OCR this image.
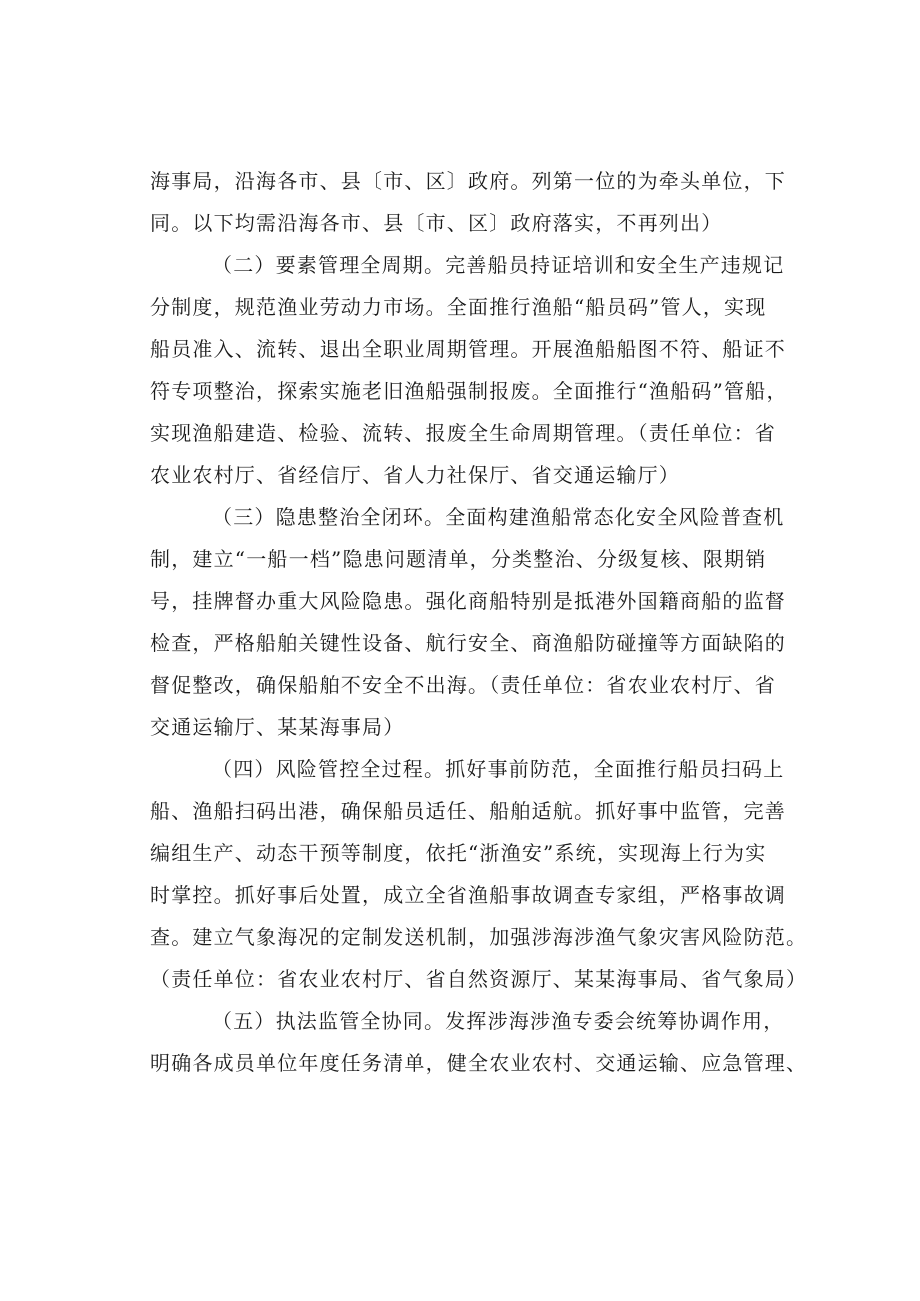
海事局，沿海各市、县〔市、区〕政府。列第一位的为牵头单位，下
同。以下均需沿海各市、县〔市、区〕政府落实，不再列出）
（二）要素管理全周期。完善船员持证培训和安全生产违规记
分制度，规范渔业劳动力市场。全面推行渔船“船员码”管人，实现
船员准入、流转、退出全职业周期管理。开展渔船船图不符、船证不
符专项整治，探索实施老旧渔船强制报废。全面推行“渔船码”管船，
实现渔船建造、检验、流转、报废全生命周期管理。（责任单位：省
农业农村厅、省经信厅、省人力社保厅、省交通运输厅）
（三）隐患整治全闭环。全面构建渔船常态化安全风险普查机
制，建立“一船一档”隐患问题清单，分类整治、分级复核、限期销
号，挂牌督办重大风险隐患。强化商船特别是抵港外国籍商船的监督
检查，严格船舶关键性设备、航行安全、商渔船防碰撞等方面缺陷的
督促整改，确保船舶不安全不出海。（责任单位：省农业农村厅、省
交通运输厅、某某海事局）
（四）风险管控全过程。抓好事前防范，全面推行船员扫码上
船、渔船扫码出港，确保船员适任、船舶适航。抓好事中监管，完善
编组生产、动态干预等制度，依托“浙渔安”系统，实现海上行为实
时掌控。抓好事后处置，成立全省渔船事故调查专家组，严格事故调
查。建立气象海况的定制发送机制，加强涉海涉渔气象灾害风险防范。
（责任单位：省农业农村厅、省自然资源厅、某某海事局、省气象局）
（五）执法监管全协同。发挥涉海涉渔专委会统筹协调作用，
明确各成员单位年度任务清单，健全农业农村、交通运输、应急管理、
